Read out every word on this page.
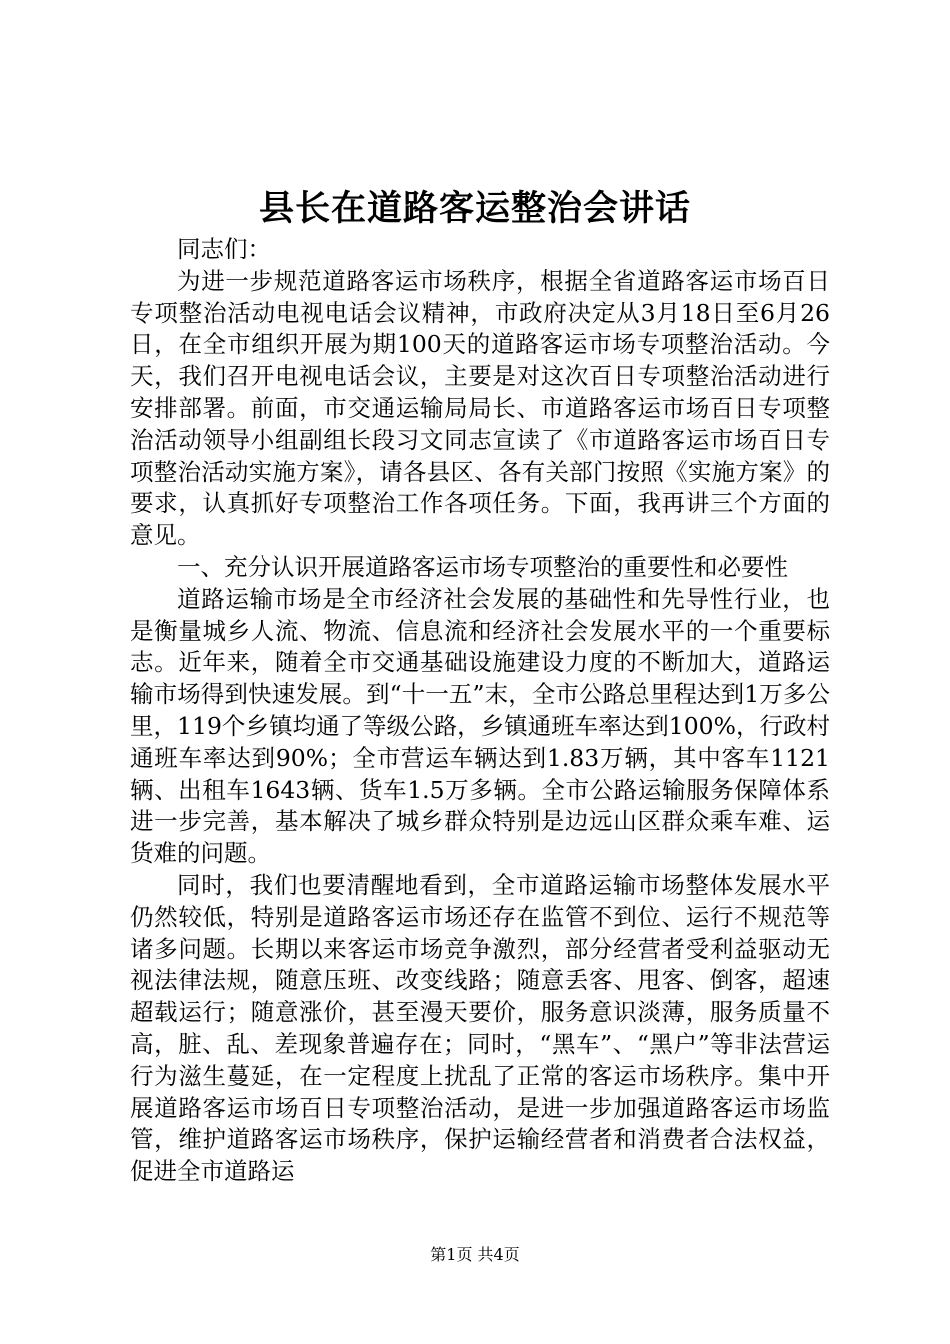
县长在道路客运整治会讲话

同志们：

为进一步规范道路客运市场秩序，根据全省道路客运市场百日专项整治活动电视电话会议精神，市政府决定从3月18日至6月26日，在全市组织开展为期100天的道路客运市场专项整治活动。今天，我们召开电视电话会议，主要是对这次百日专项整治活动进行安排部署。前面，市交通运输局局长、市道路客运市场百日专项整治活动领导小组副组长段习文同志宣读了《市道路客运市场百日专项整治活动实施方案》，请各县区、各有关部门按照《实施方案》的要求，认真抓好专项整治工作各项任务。下面，我再讲三个方面的意见。

一、充分认识开展道路客运市场专项整治的重要性和必要性

道路运输市场是全市经济社会发展的基础性和先导性行业，也是衡量城乡人流、物流、信息流和经济社会发展水平的一个重要标志。近年来，随着全市交通基础设施建设力度的不断加大，道路运输市场得到快速发展。到“十一五”末，全市公路总里程达到1万多公里，119个乡镇均通了等级公路，乡镇通班车率达到100%，行政村通班车率达到90%；全市营运车辆达到1.83万辆，其中客车1121辆、出租车1643辆、货车1.5万多辆。全市公路运输服务保障体系进一步完善，基本解决了城乡群众特别是边远山区群众乘车难、运货难的问题。

同时，我们也要清醒地看到，全市道路运输市场整体发展水平仍然较低，特别是道路客运市场还存在监管不到位、运行不规范等诸多问题。长期以来客运市场竞争激烈，部分经营者受利益驱动无视法律法规，随意压班、改变线路；随意丢客、甩客、倒客，超速超载运行；随意涨价，甚至漫天要价，服务意识淡薄，服务质量不高，脏、乱、差现象普遍存在；同时，“黑车”、“黑户”等非法营运行为滋生蔓延，在一定程度上扰乱了正常的客运市场秩序。集中开展道路客运市场百日专项整治活动，是进一步加强道路客运市场监管，维护道路客运市场秩序，保护运输经营者和消费者合法权益，促进全市道路运

第1页 共4页
